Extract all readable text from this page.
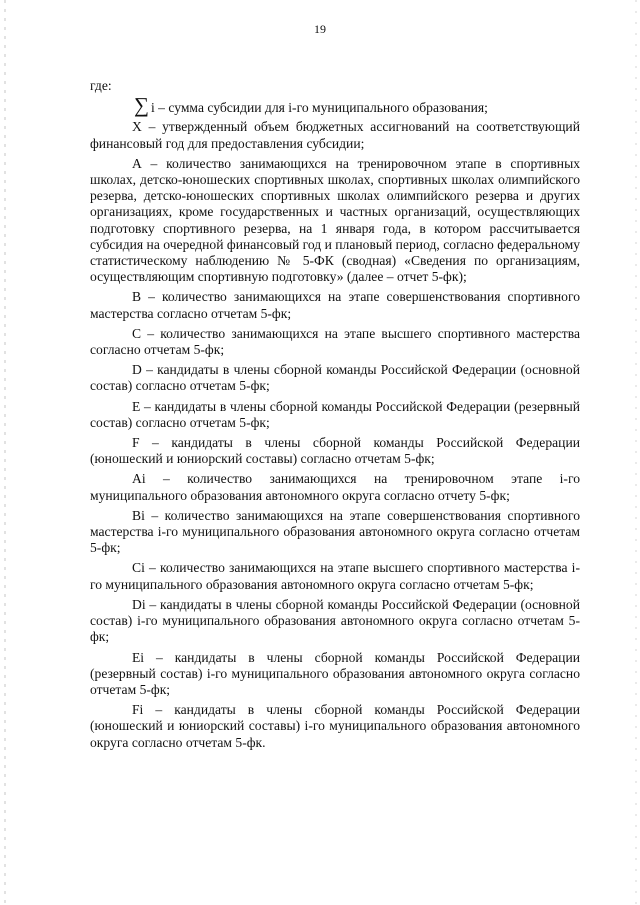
19

где:

∑ i – сумма субсидии для i-го муниципального образования;

X – утвержденный объем бюджетных ассигнований на соответствующий финансовый год для предоставления субсидии;

А – количество занимающихся на тренировочном этапе в спортивных школах, детско-юношеских спортивных школах, спортивных школах олимпийского резерва, детско-юношеских спортивных школах олимпийского резерва и других организациях, кроме государственных и частных организаций, осуществляющих подготовку спортивного резерва, на 1 января года, в котором рассчитывается субсидия на очередной финансовый год и плановый период, согласно федеральному статистическому наблюдению № 5-ФК (сводная) «Сведения по организациям, осуществляющим спортивную подготовку» (далее – отчет 5-фк);

В – количество занимающихся на этапе совершенствования спортивного мастерства согласно отчетам 5-фк;

С – количество занимающихся на этапе высшего спортивного мастерства согласно отчетам 5-фк;

D – кандидаты в члены сборной команды Российской Федерации (основной состав) согласно отчетам 5-фк;

E – кандидаты в члены сборной команды Российской Федерации (резервный состав) согласно отчетам 5-фк;

F – кандидаты в члены сборной команды Российской Федерации (юношеский и юниорский составы) согласно отчетам 5-фк;

Аi – количество занимающихся на тренировочном этапе i-го муниципального образования автономного округа согласно отчету 5-фк;

Вi – количество занимающихся на этапе совершенствования спортивного мастерства i-го муниципального образования автономного округа согласно отчетам 5-фк;

Сi – количество занимающихся на этапе высшего спортивного мастерства i-го муниципального образования автономного округа согласно отчетам 5-фк;

Di – кандидаты в члены сборной команды Российской Федерации (основной состав) i-го муниципального образования автономного округа согласно отчетам 5-фк;

Ei – кандидаты в члены сборной команды Российской Федерации (резервный состав) i-го муниципального образования автономного округа согласно отчетам 5-фк;

Fi – кандидаты в члены сборной команды Российской Федерации (юношеский и юниорский составы) i-го муниципального образования автономного округа согласно отчетам 5-фк.
